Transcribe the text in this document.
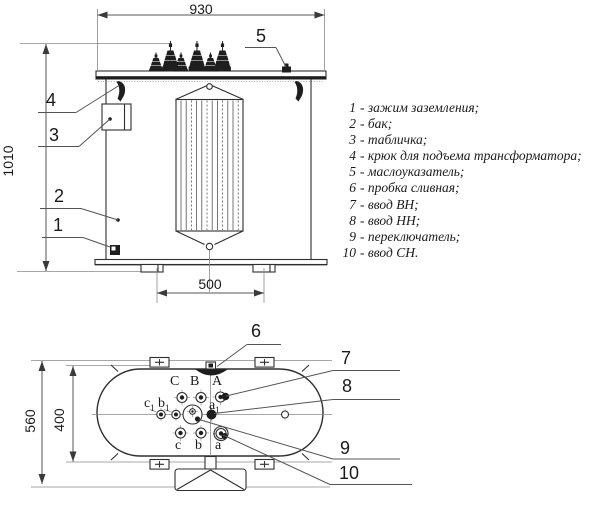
930
1010
500
560 400
1
2
3
4
5
6
7
8
9
10
C B A
$c_1$ $b_1$	$a_1$
c b a
1 - зажим заземления;
2 - бак;
3 - табличка;
4 - крюк для подъема трансформатора;
5 - маслоуказатель;
6 - пробка сливная;
7 - ввод ВН;
8 - ввод НН;
9 - переключатель;
10 - ввод СН.
